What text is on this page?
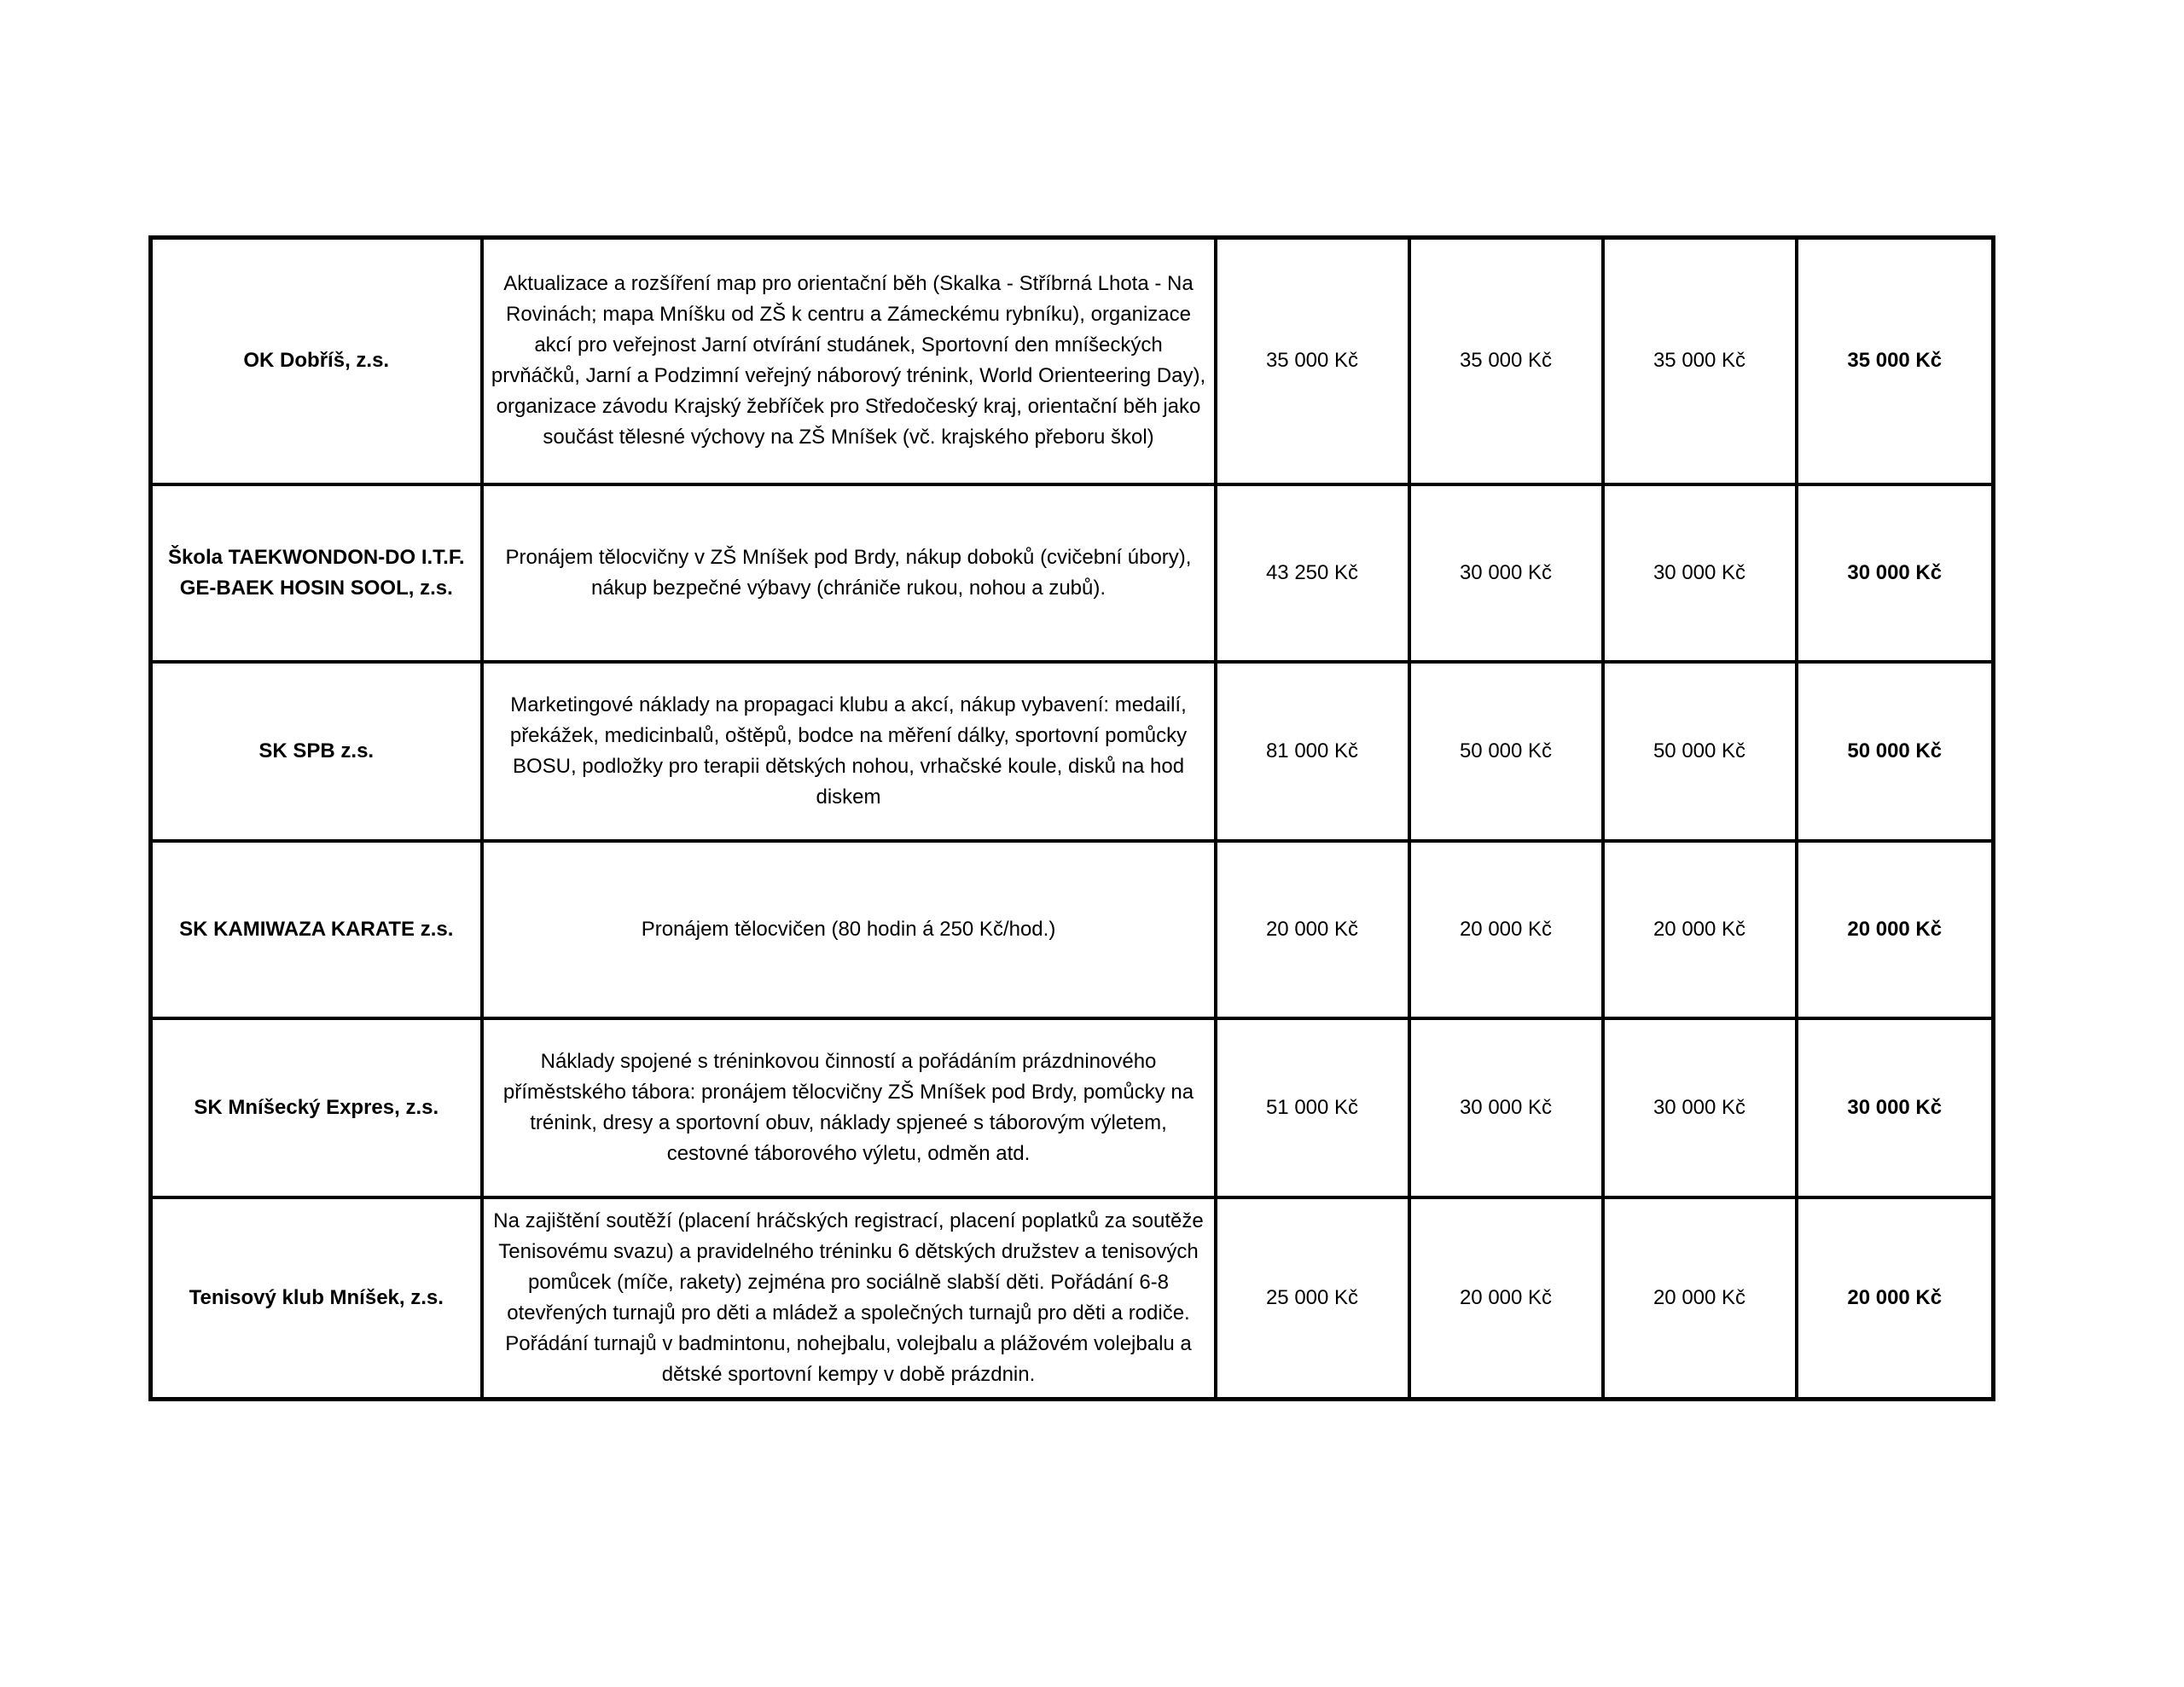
OK Dobříš, z.s.	Aktualizace a rozšíření map pro orientační běh (Skalka - Stříbrná Lhota - Na Rovinách; mapa Mníšku od ZŠ k centru a Zámeckému rybníku), organizace akcí pro veřejnost Jarní otvírání studánek, Sportovní den mníšeckých prvňáčků, Jarní a Podzimní veřejný náborový trénink, World Orienteering Day), organizace závodu Krajský žebříček pro Středočeský kraj, orientační běh jako součást tělesné výchovy na ZŠ Mníšek (vč. krajského přeboru škol)	35 000 Kč	35 000 Kč	35 000 Kč	35 000 Kč
Škola TAEKWONDON-DO I.T.F. GE-BAEK HOSIN SOOL, z.s.	Pronájem tělocvičny v ZŠ Mníšek pod Brdy, nákup doboků (cvičební úbory), nákup bezpečné výbavy (chrániče rukou, nohou a zubů).	43 250 Kč	30 000 Kč	30 000 Kč	30 000 Kč
SK SPB z.s.	Marketingové náklady na propagaci klubu a akcí, nákup vybavení: medailí, překážek, medicinbalů, oštěpů, bodce na měření dálky, sportovní pomůcky BOSU, podložky pro terapii dětských nohou, vrhačské koule, disků na hod diskem	81 000 Kč	50 000 Kč	50 000 Kč	50 000 Kč
SK KAMIWAZA KARATE z.s.	Pronájem tělocvičen (80 hodin á 250 Kč/hod.)	20 000 Kč	20 000 Kč	20 000 Kč	20 000 Kč
SK Mníšecký Expres, z.s.	Náklady spojené s tréninkovou činností a pořádáním prázdninového příměstského tábora: pronájem tělocvičny ZŠ Mníšek pod Brdy, pomůcky na trénink, dresy a sportovní obuv, náklady spjeneé s táborovým výletem, cestovné táborového výletu, odměn atd.	51 000 Kč	30 000 Kč	30 000 Kč	30 000 Kč
Tenisový klub Mníšek, z.s.	Na zajištění soutěží (placení hráčských registrací, placení poplatků za soutěže Tenisovému svazu) a pravidelného tréninku 6 dětských družstev a tenisových pomůcek (míče, rakety) zejména pro sociálně slabší děti. Pořádání 6-8 otevřených turnajů pro děti a mládež a společných turnajů pro děti a rodiče. Pořádání turnajů v badmintonu, nohejbalu, volejbalu a plážovém volejbalu a dětské sportovní kempy v době prázdnin.	25 000 Kč	20 000 Kč	20 000 Kč	20 000 Kč
